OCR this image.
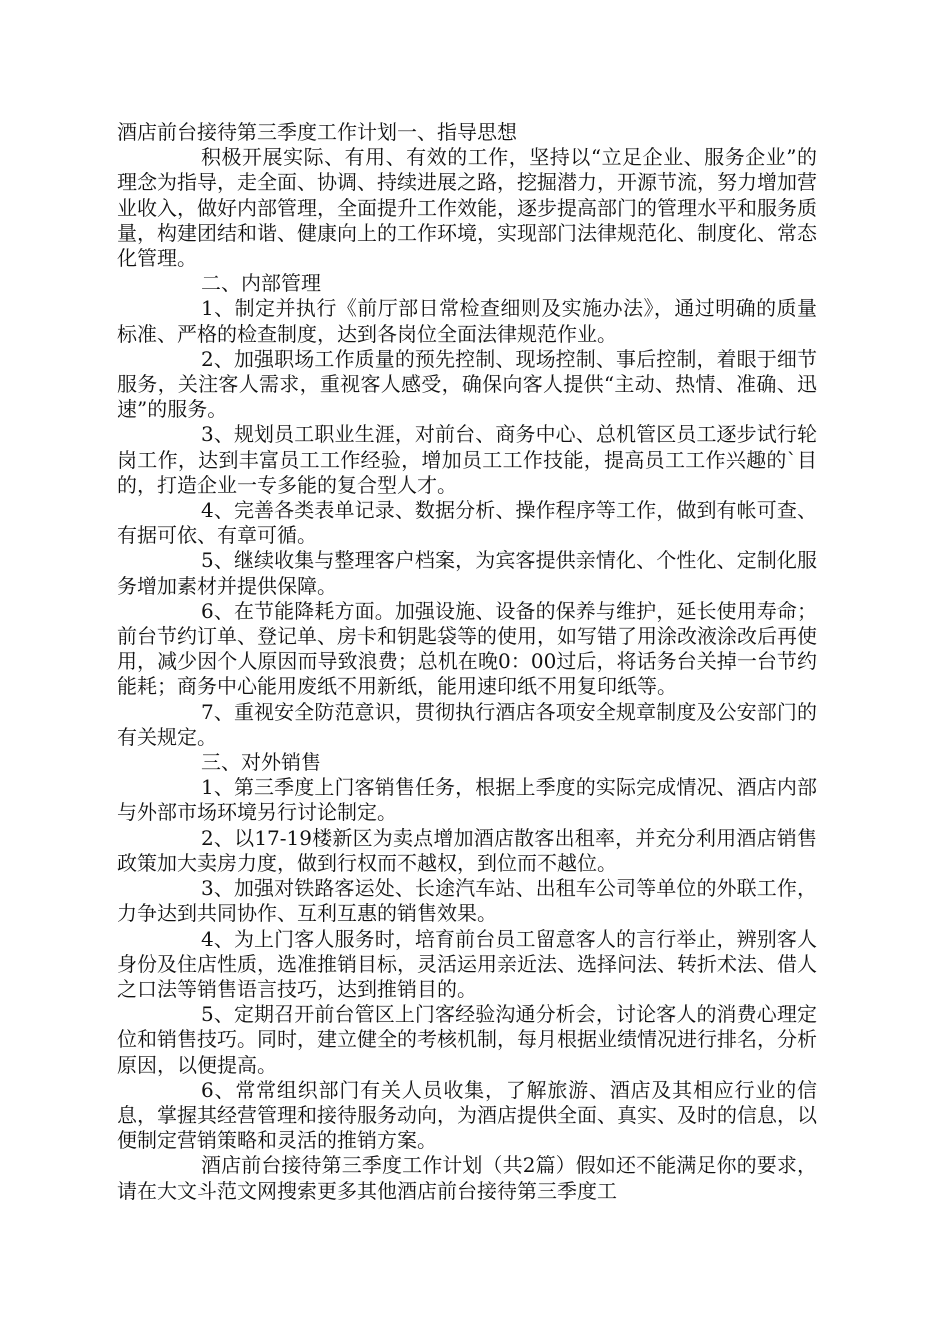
酒店前台接待第三季度工作计划一、指导思想

积极开展实际、有用、有效的工作，坚持以“立足企业、服务企业”的理念为指导，走全面、协调、持续进展之路，挖掘潜力，开源节流，努力增加营业收入，做好内部管理，全面提升工作效能，逐步提高部门的管理水平和服务质量，构建团结和谐、健康向上的工作环境，实现部门法律规范化、制度化、常态化管理。

二、内部管理

1、制定并执行《前厅部日常检查细则及实施办法》，通过明确的质量标准、严格的检查制度，达到各岗位全面法律规范作业。

2、加强职场工作质量的预先控制、现场控制、事后控制，着眼于细节服务，关注客人需求，重视客人感受，确保向客人提供“主动、热情、准确、迅速”的服务。

3、规划员工职业生涯，对前台、商务中心、总机管区员工逐步试行轮岗工作，达到丰富员工工作经验，增加员工工作技能，提高员工工作兴趣的`目的，打造企业一专多能的复合型人才。

4、完善各类表单记录、数据分析、操作程序等工作，做到有帐可查、有据可依、有章可循。

5、继续收集与整理客户档案，为宾客提供亲情化、个性化、定制化服务增加素材并提供保障。

6、在节能降耗方面。加强设施、设备的保养与维护，延长使用寿命；前台节约订单、登记单、房卡和钥匙袋等的使用，如写错了用涂改液涂改后再使用，减少因个人原因而导致浪费；总机在晚0：00过后，将话务台关掉一台节约能耗；商务中心能用废纸不用新纸，能用速印纸不用复印纸等。

7、重视安全防范意识，贯彻执行酒店各项安全规章制度及公安部门的有关规定。

三、对外销售

1、第三季度上门客销售任务，根据上季度的实际完成情况、酒店内部与外部市场环境另行讨论制定。

2、以17-19楼新区为卖点增加酒店散客出租率，并充分利用酒店销售政策加大卖房力度，做到行权而不越权，到位而不越位。

3、加强对铁路客运处、长途汽车站、出租车公司等单位的外联工作，力争达到共同协作、互利互惠的销售效果。

4、为上门客人服务时，培育前台员工留意客人的言行举止，辨别客人身份及住店性质，选准推销目标，灵活运用亲近法、选择问法、转折术法、借人之口法等销售语言技巧，达到推销目的。

5、定期召开前台管区上门客经验沟通分析会，讨论客人的消费心理定位和销售技巧。同时，建立健全的考核机制，每月根据业绩情况进行排名，分析原因，以便提高。

6、常常组织部门有关人员收集，了解旅游、酒店及其相应行业的信息，掌握其经营管理和接待服务动向，为酒店提供全面、真实、及时的信息，以便制定营销策略和灵活的推销方案。

酒店前台接待第三季度工作计划（共2篇）假如还不能满足你的要求，请在大文斗范文网搜索更多其他酒店前台接待第三季度工
